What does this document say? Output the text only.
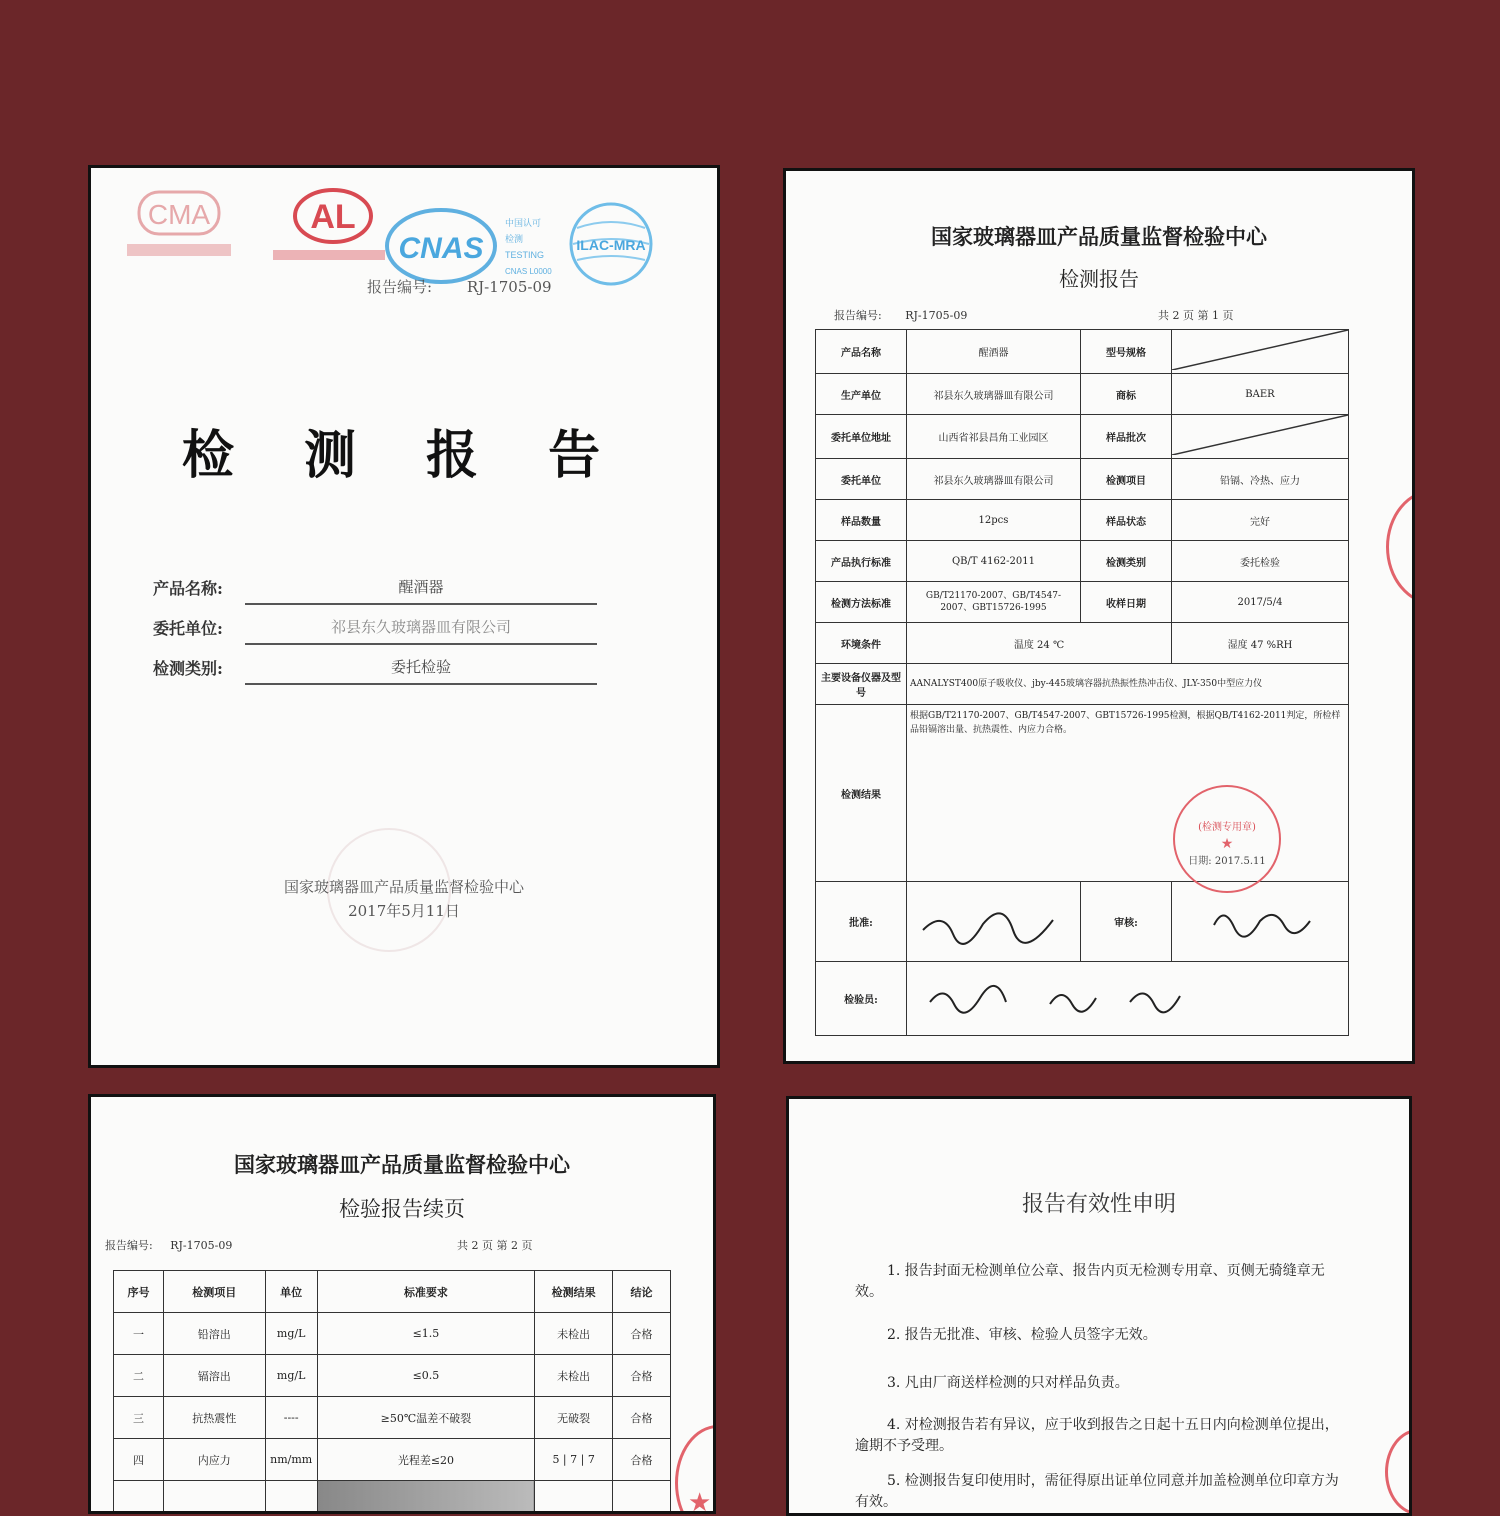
CMA	AL
CNAS
中国认可
检测
TESTING
CNAS L0000
ILAC-MRA
报告编号: RJ-1705-09
检 测 报 告
产品名称:	醒酒器
委托单位:	祁县东久玻璃器皿有限公司
检测类别:	委托检验
国家玻璃器皿产品质量监督检验中心
2017年5月11日
国家玻璃器皿产品质量监督检验中心
检测报告
报告编号: RJ-1705-09	共 2 页 第 1 页
产品名称	醒酒器	型号规格	
生产单位	祁县东久玻璃器皿有限公司	商标	BAER
委托单位地址	山西省祁县昌角工业园区	样品批次	
委托单位	祁县东久玻璃器皿有限公司	检测项目	铅镉、冷热、应力
样品数量	12pcs	样品状态	完好
产品执行标准	QB/T 4162-2011	检测类别	委托检验
检测方法标准	GB/T21170-2007、GB/T4547-2007、GBT15726-1995	收样日期	2017/5/4
环境条件	温度 24 ℃		湿度 47 %RH
主要设备仪器及型号	AANALYST400原子吸收仪、jby-445玻璃容器抗热振性热冲击仪、JLY-350中型应力仪		
检测结果	根据GB/T21170-2007、GB/T4547-2007、GBT15726-1995检测，根据QB/T4162-2011判定，所检样品铅镉溶出量、抗热震性、内应力合格。
(检测专用章)
★
日期: 2017.5.11		

批准:		审核:	
检验员:	
国家玻璃器皿产品质量监督检验中心
检验报告续页
报告编号: RJ-1705-09	共 2 页 第 2 页
序号	检测项目	单位	标准要求	检测结果	结论
一	铅溶出	mg/L	≤1.5	未检出	合格
二	镉溶出	mg/L	≤0.5	未检出	合格
三	抗热震性	----	≥50℃温差不破裂	无破裂	合格
四	内应力	nm/mm	光程差≤20	5 | 7 | 7	合格

★
报告有效性申明
1. 报告封面无检测单位公章、报告内页无检测专用章、页侧无骑缝章无效。
2. 报告无批准、审核、检验人员签字无效。
3. 凡由厂商送样检测的只对样品负责。
4. 对检测报告若有异议，应于收到报告之日起十五日内向检测单位提出，逾期不予受理。
5. 检测报告复印使用时，需征得原出证单位同意并加盖检测单位印章方为有效。
